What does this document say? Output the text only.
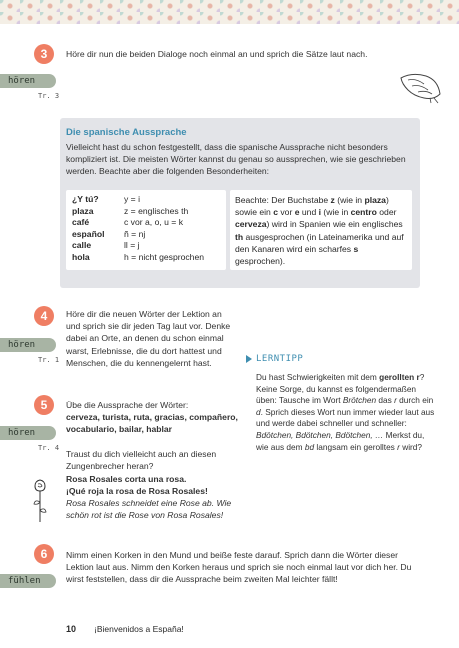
3	Höre dir nun die beiden Dialoge noch einmal an und sprich die Sätze laut nach.
hören
Tr. 3
Die spanische Aussprache
Vielleicht hast du schon festgestellt, dass die spanische Aussprache nicht besonders kompliziert ist. Die meisten Wörter kannst du genau so aussprechen, wie sie geschrieben werden. Beachte aber die folgenden Besonderheiten:
¿Y tú?	y = i
plaza	z = englisches th
café	c vor a, o, u = k
español	ñ = nj
calle	ll = j
hola	h = nicht gesprochen
Beachte: Der Buchstabe z (wie in plaza) sowie ein c vor e und i (wie in centro oder cerveza) wird in Spanien wie ein englisches th ausgesprochen (in Lateinamerika und auf den Kanaren wird ein scharfes s gesprochen).
4	Höre dir die neuen Wörter der Lektion an und sprich sie dir jeden Tag laut vor. Denke dabei an Orte, an denen du schon einmal warst, Erlebnisse, die du dort hattest und Menschen, die du kennengelernt hast.
hören
Tr. 1
5	Übe die Aussprache der Wörter:
cerveza, turista, ruta, gracias, compañero, vocabulario, bailar, hablar
hören
Tr. 4
Traust du dich vielleicht auch an diesen Zungenbrecher heran?
Rosa Rosales corta una rosa.
¡Qué roja la rosa de Rosa Rosales!
Rosa Rosales schneidet eine Rose ab. Wie schön rot ist die Rose von Rosa Rosales!
LERNTIPP
Du hast Schwierigkeiten mit dem gerollten r? Keine Sorge, du kannst es folgendermaßen üben: Tausche im Wort Brötchen das r durch ein d. Sprich dieses Wort nun immer wieder laut aus und werde dabei schneller und schneller: Bdötchen, Bdötchen, Bdötchen, … Merkst du, wie aus dem bd langsam ein gerolltes r wird?
6	Nimm einen Korken in den Mund und beiße feste darauf. Sprich dann die Wörter dieser Lektion laut aus. Nimm den Korken heraus und sprich sie noch einmal laut vor dich her. Du wirst feststellen, dass dir die Aussprache beim zweiten Mal leichter fällt!
fühlen
10 ¡Bienvenidos a España!
